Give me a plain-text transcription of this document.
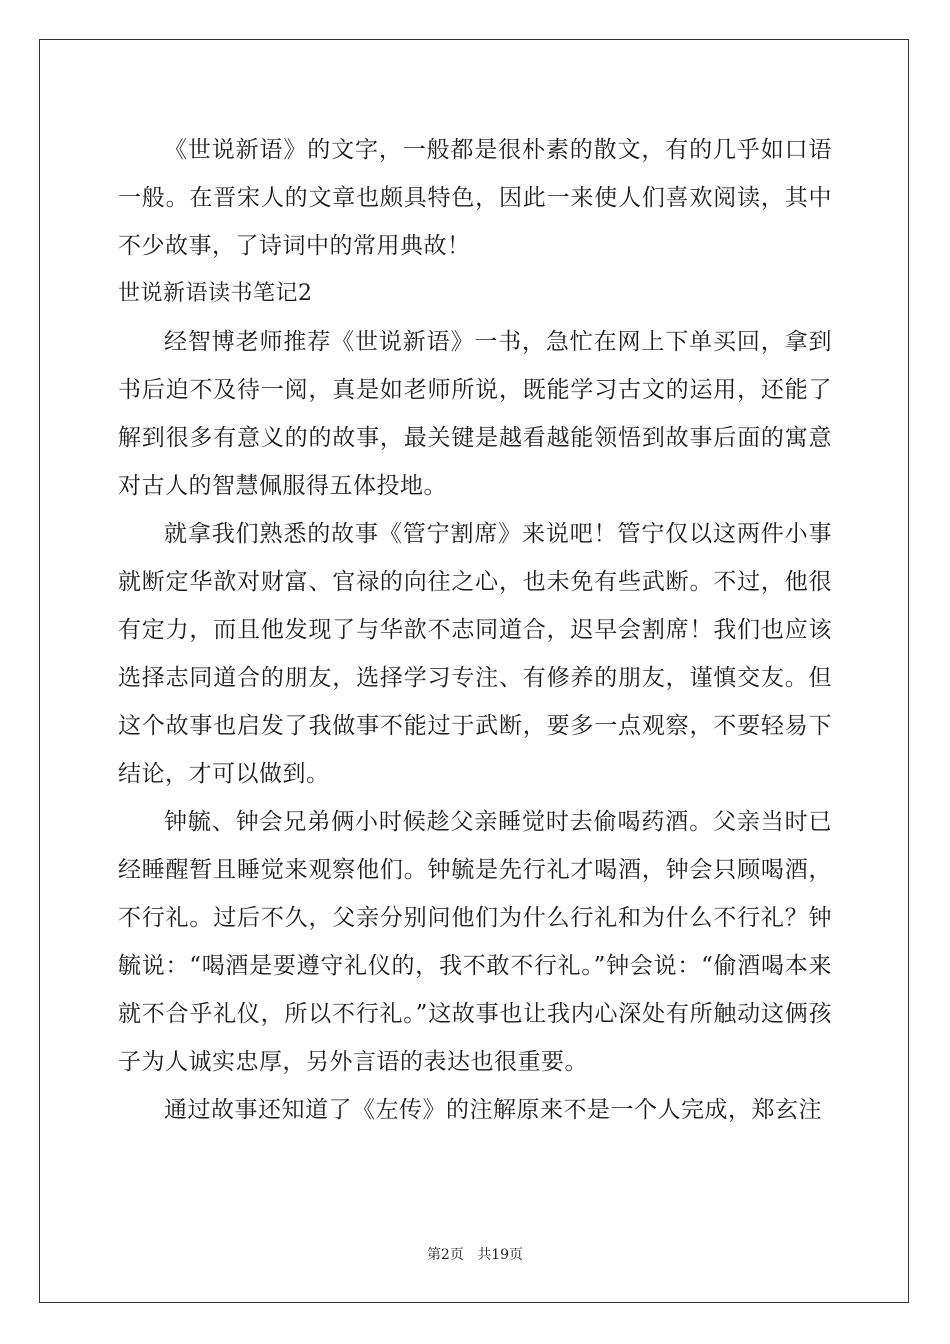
《世说新语》的文字，一般都是很朴素的散文，有的几乎如口语一般。在晋宋人的文章也颇具特色，因此一来使人们喜欢阅读，其中不少故事，了诗词中的常用典故！

世说新语读书笔记2

经智博老师推荐《世说新语》一书，急忙在网上下单买回，拿到书后迫不及待一阅，真是如老师所说，既能学习古文的运用，还能了解到很多有意义的的故事，最关键是越看越能领悟到故事后面的寓意对古人的智慧佩服得五体投地。

就拿我们熟悉的故事《管宁割席》来说吧！管宁仅以这两件小事就断定华歆对财富、官禄的向往之心，也未免有些武断。不过，他很有定力，而且他发现了与华歆不志同道合，迟早会割席！我们也应该选择志同道合的朋友，选择学习专注、有修养的朋友，谨慎交友。但这个故事也启发了我做事不能过于武断，要多一点观察，不要轻易下结论，才可以做到。

钟毓、钟会兄弟俩小时候趁父亲睡觉时去偷喝药酒。父亲当时已经睡醒暂且睡觉来观察他们。钟毓是先行礼才喝酒，钟会只顾喝酒，不行礼。过后不久，父亲分别问他们为什么行礼和为什么不行礼？钟毓说：“喝酒是要遵守礼仪的，我不敢不行礼。”钟会说：“偷酒喝本来就不合乎礼仪，所以不行礼。”这故事也让我内心深处有所触动这俩孩子为人诚实忠厚，另外言语的表达也很重要。

通过故事还知道了《左传》的注解原来不是一个人完成，郑玄注

第2页 共19页
